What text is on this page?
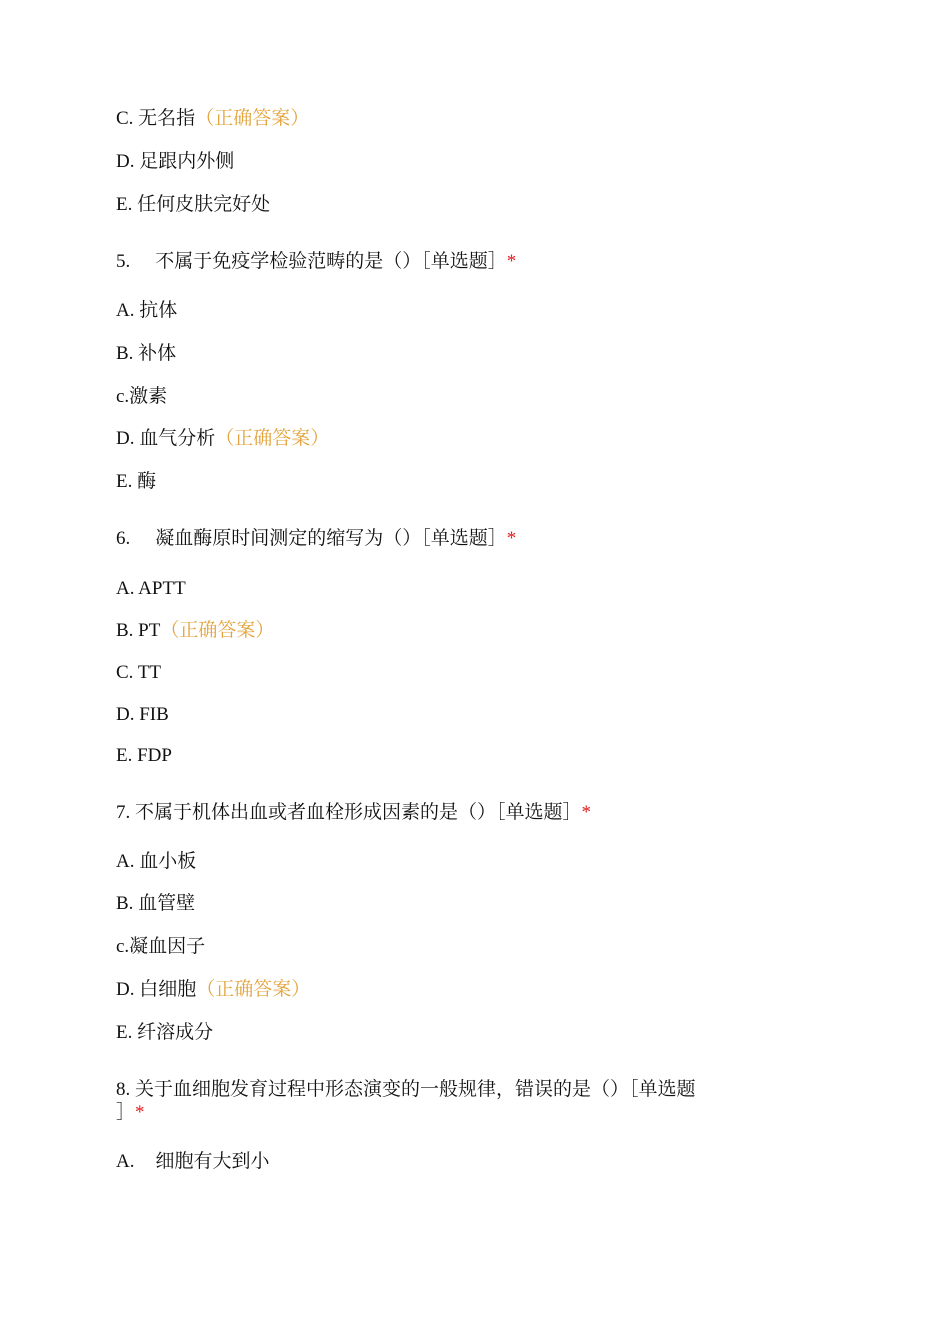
C. 无名指（正确答案）
D. 足跟内外侧
E. 任何皮肤完好处
5. 不属于免疫学检验范畴的是（）［单选题］*
A. 抗体
B. 补体
c.激素
D. 血气分析（正确答案）
E. 酶
6. 凝血酶原时间测定的缩写为（）［单选题］*
A. APTT
B. PT（正确答案）
C. TT
D. FIB
E. FDP
7. 不属于机体出血或者血栓形成因素的是（）［单选题］*
A. 血小板
B. 血管壁
c.凝血因子
D. 白细胞（正确答案）
E. 纤溶成分
8. 关于血细胞发育过程中形态演变的一般规律，错误的是（）［单选题
］*
A. 细胞有大到小
